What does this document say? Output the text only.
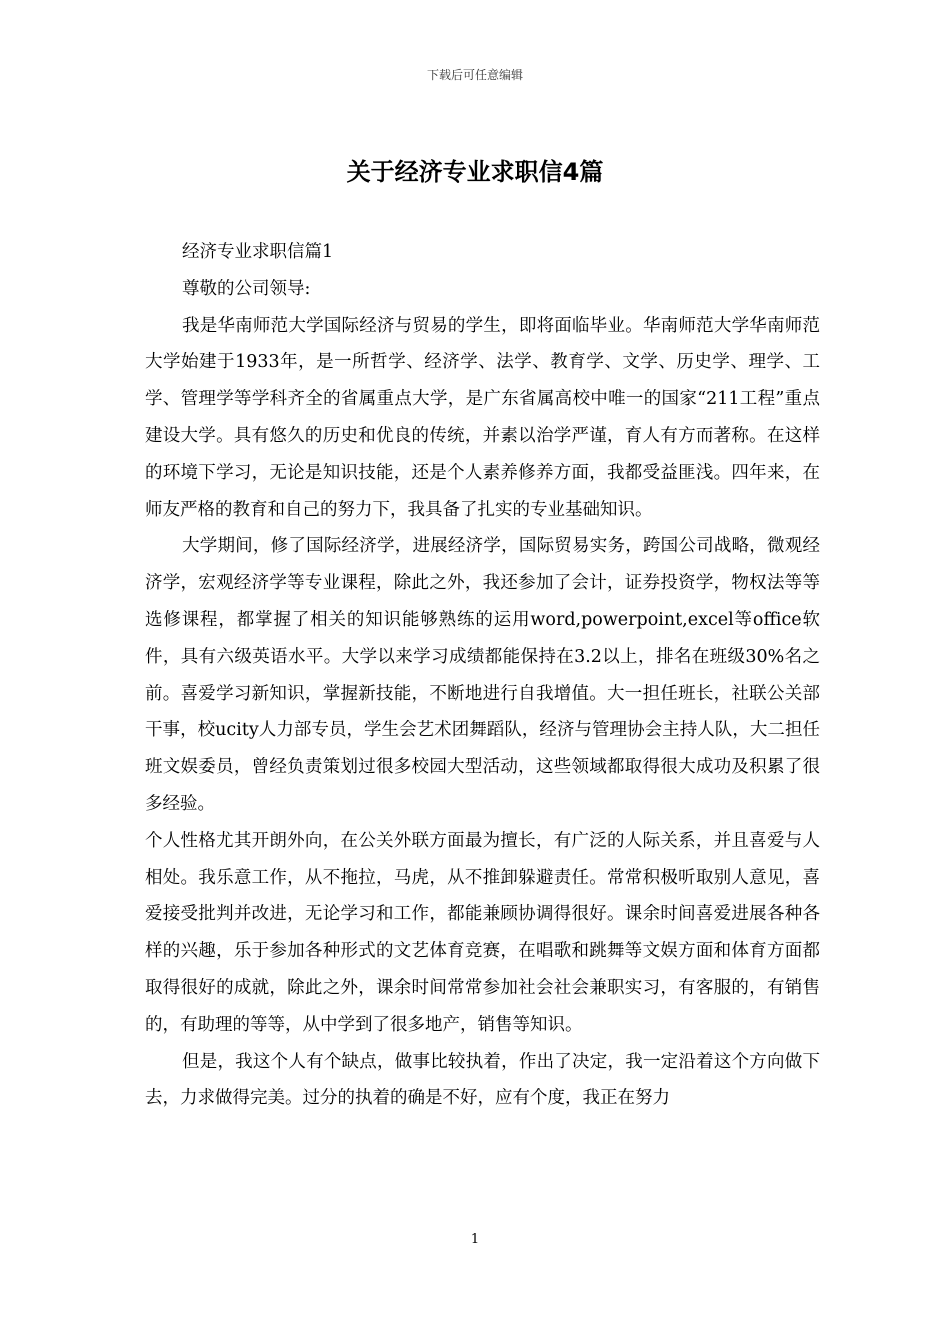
下载后可任意编辑
关于经济专业求职信4篇

经济专业求职信篇1

尊敬的公司领导:

我是华南师范大学国际经济与贸易的学生，即将面临毕业。华南师范大学华南师范大学始建于1933年，是一所哲学、经济学、法学、教育学、文学、历史学、理学、工学、管理学等学科齐全的省属重点大学，是广东省属高校中唯一的国家“211工程”重点建设大学。具有悠久的历史和优良的传统，并素以治学严谨，育人有方而著称。在这样的环境下学习，无论是知识技能，还是个人素养修养方面，我都受益匪浅。四年来，在师友严格的教育和自己的努力下，我具备了扎实的专业基础知识。

大学期间，修了国际经济学，进展经济学，国际贸易实务，跨国公司战略，微观经济学，宏观经济学等专业课程，除此之外，我还参加了会计，证券投资学，物权法等等选修课程，都掌握了相关的知识能够熟练的运用word,powerpoint,excel等office软件，具有六级英语水平。大学以来学习成绩都能保持在3.2以上，排名在班级30%名之前。喜爱学习新知识，掌握新技能，不断地进行自我增值。大一担任班长，社联公关部干事，校ucity人力部专员，学生会艺术团舞蹈队，经济与管理协会主持人队，大二担任班文娱委员，曾经负责策划过很多校园大型活动，这些领域都取得很大成功及积累了很多经验。

个人性格尤其开朗外向，在公关外联方面最为擅长，有广泛的人际关系，并且喜爱与人相处。我乐意工作，从不拖拉，马虎，从不推卸躲避责任。常常积极听取别人意见，喜爱接受批判并改进，无论学习和工作，都能兼顾协调得很好。课余时间喜爱进展各种各样的兴趣，乐于参加各种形式的文艺体育竞赛，在唱歌和跳舞等文娱方面和体育方面都取得很好的成就，除此之外，课余时间常常参加社会社会兼职实习，有客服的，有销售的，有助理的等等，从中学到了很多地产，销售等知识。

但是，我这个人有个缺点，做事比较执着，作出了决定，我一定沿着这个方向做下去，力求做得完美。过分的执着的确是不好，应有个度，我正在努力

1
